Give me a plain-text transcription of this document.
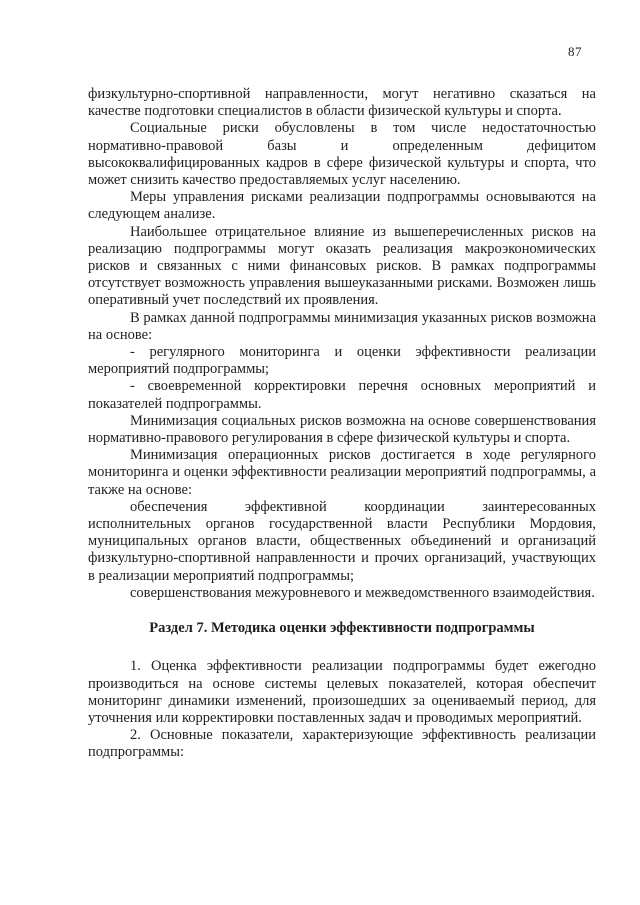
87

физкультурно-спортивной направленности, могут негативно сказаться на качестве подготовки специалистов в области физической культуры и спорта.

Социальные риски обусловлены в том числе недостаточностью нормативно-правовой базы и определенным дефицитом высококвалифицированных кадров в сфере физической культуры и спорта, что может снизить качество предоставляемых услуг населению.

Меры управления рисками реализации подпрограммы основываются на следующем анализе.

Наибольшее отрицательное влияние из вышеперечисленных рисков на реализацию подпрограммы могут оказать реализация макроэкономических рисков и связанных с ними финансовых рисков. В рамках подпрограммы отсутствует возможность управления вышеуказанными рисками. Возможен лишь оперативный учет последствий их проявления.

В рамках данной подпрограммы минимизация указанных рисков возможна на основе:

- регулярного мониторинга и оценки эффективности реализации мероприятий подпрограммы;

- своевременной корректировки перечня основных мероприятий и показателей подпрограммы.

Минимизация социальных рисков возможна на основе совершенствования нормативно-правового регулирования в сфере физической культуры и спорта.

Минимизация операционных рисков достигается в ходе регулярного мониторинга и оценки эффективности реализации мероприятий подпрограммы, а также на основе:

обеспечения эффективной координации заинтересованных исполнительных органов государственной власти Республики Мордовия, муниципальных органов власти, общественных объединений и организаций физкультурно-спортивной направленности и прочих организаций, участвующих в реализации мероприятий подпрограммы;

совершенствования межуровневого и межведомственного взаимодействия.

Раздел 7. Методика оценки эффективности подпрограммы

1. Оценка эффективности реализации подпрограммы будет ежегодно производиться на основе системы целевых показателей, которая обеспечит мониторинг динамики изменений, произошедших за оцениваемый период, для уточнения или корректировки поставленных задач и проводимых мероприятий.

2. Основные показатели, характеризующие эффективность реализации подпрограммы:
